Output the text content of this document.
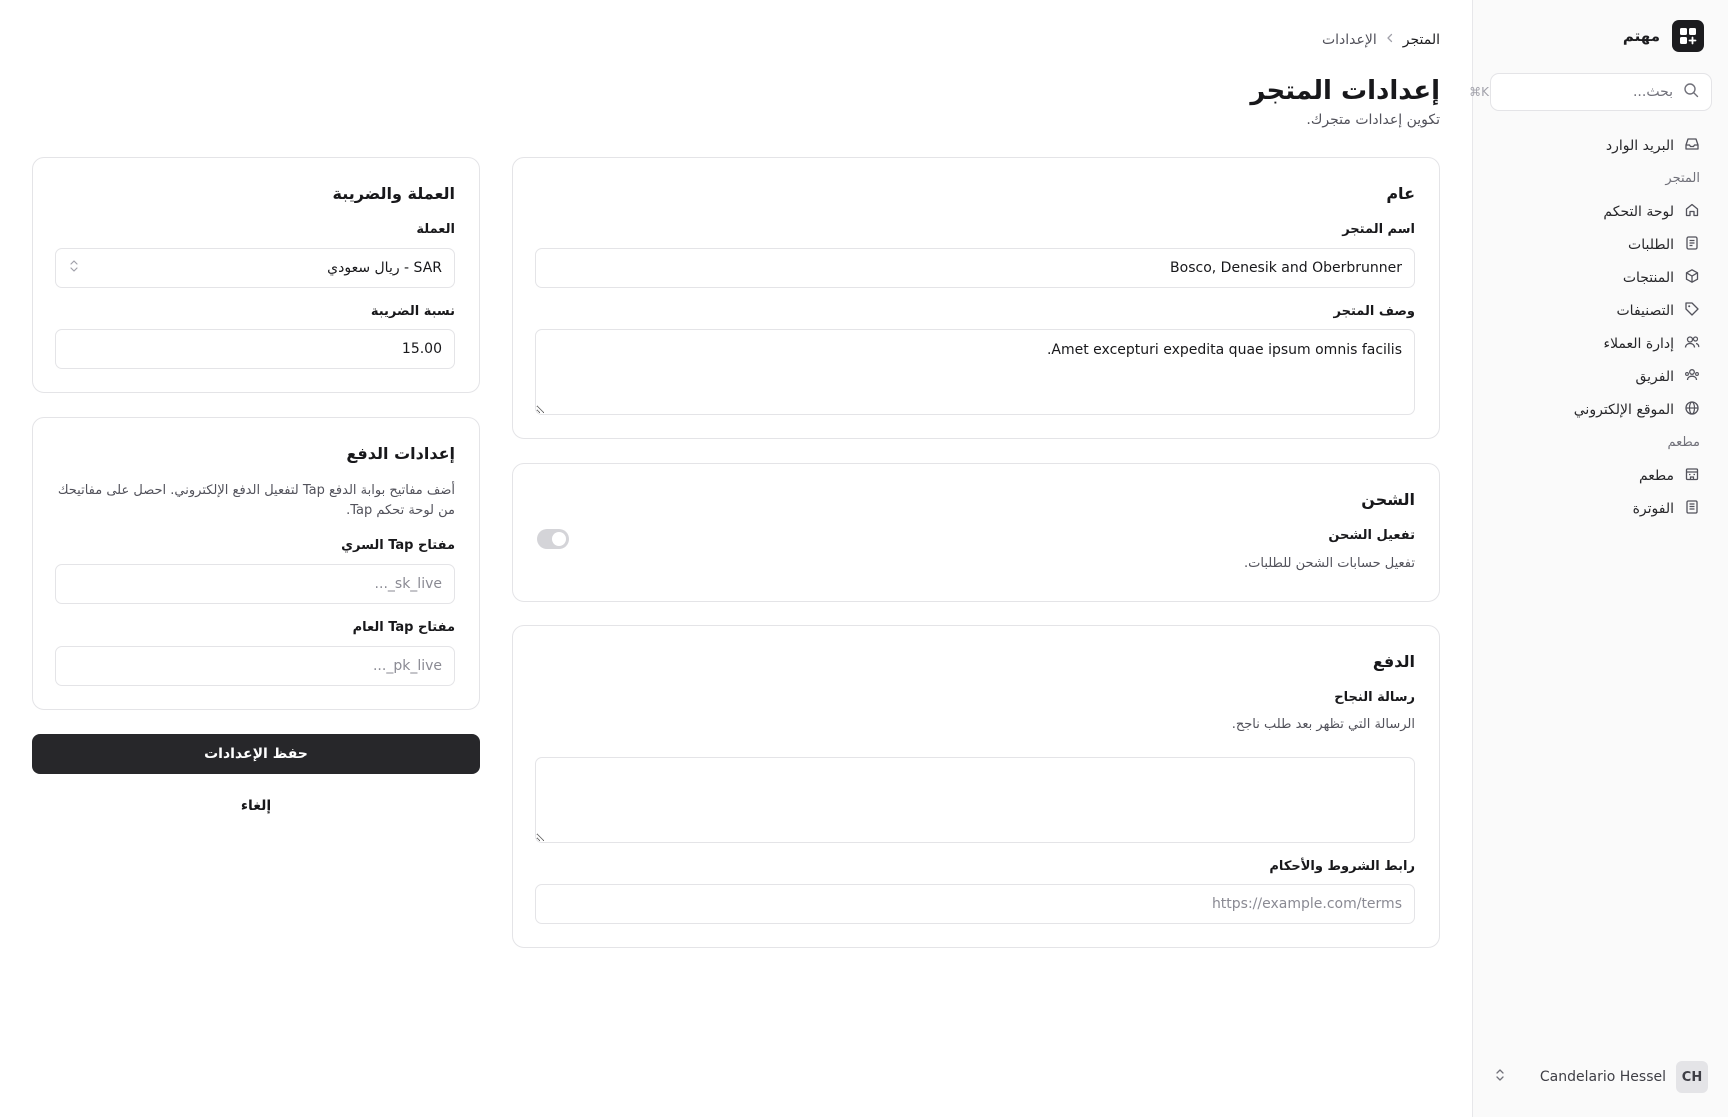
مهتم
بحث...
⌘K
البريد الوارد
المتجر
لوحة التحكم
الطلبات
المنتجات
التصنيفات
إدارة العملاء
الفريق
الموقع الإلكتروني
مطعم
مطعم
الفوترة
CH
Candelario Hessel
المتجر
الإعدادات
إعدادات المتجر

تكوين إعدادات متجرك.

عام
اسم المتجر
Bosco, Denesik and Oberbrunner
وصف المتجر
Amet excepturi expedita quae ipsum omnis facilis.
الشحن
تفعيل الشحن

تفعيل حسابات الشحن للطلبات.

الدفع
رسالة النجاح

الرسالة التي تظهر بعد طلب ناجح.

رابط الشروط والأحكام
https://example.com/terms
العملة والضريبة
العملة
SAR - ريال سعودي
نسبة الضريبة
15.00
إعدادات الدفع

أضف مفاتيح بوابة الدفع Tap لتفعيل الدفع الإلكتروني. احصل على مفاتيحك من لوحة تحكم Tap.

مفتاح Tap السري
sk_live_...
مفتاح Tap العام
pk_live_...
حفظ الإعدادات
إلغاء
